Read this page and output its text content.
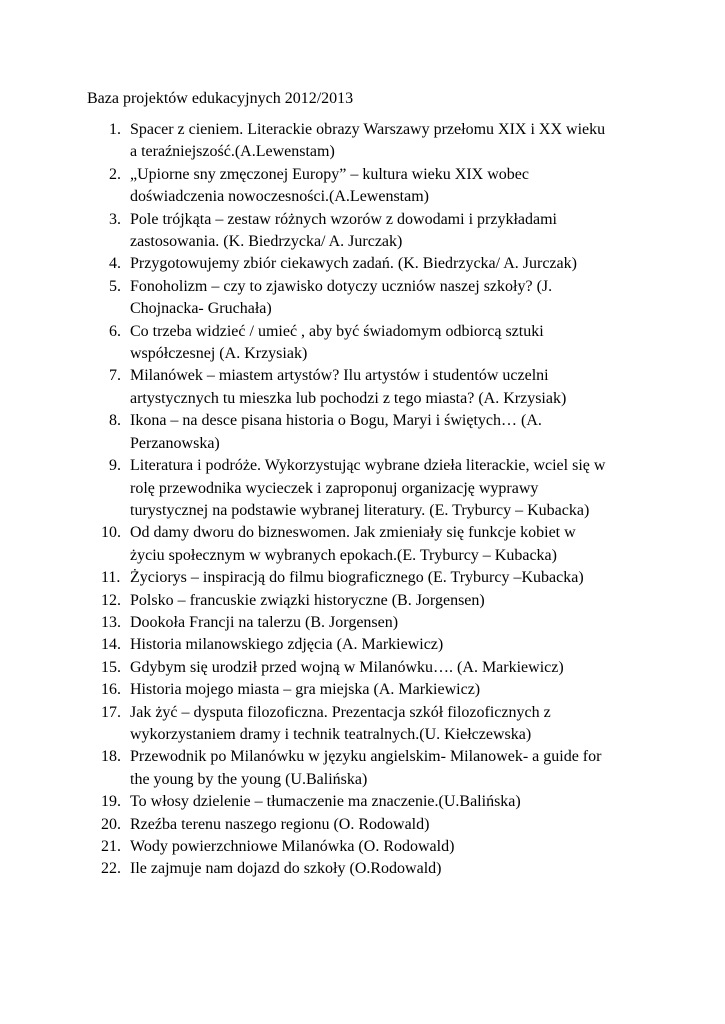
Baza projektów edukacyjnych 2012/2013
1. Spacer z cieniem. Literackie obrazy Warszawy przełomu XIX i XX wieku
a teraźniejszość.(A.Lewenstam)
2. „Upiorne sny zmęczonej Europy” – kultura wieku XIX wobec
doświadczenia nowoczesności.(A.Lewenstam)
3. Pole trójkąta – zestaw różnych wzorów z dowodami i przykładami
zastosowania. (K. Biedrzycka/ A. Jurczak)
4. Przygotowujemy zbiór ciekawych zadań. (K. Biedrzycka/ A. Jurczak)
5. Fonoholizm – czy to zjawisko dotyczy uczniów naszej szkoły? (J.
Chojnacka- Gruchała)
6. Co trzeba widzieć / umieć , aby być świadomym odbiorcą sztuki
współczesnej (A. Krzysiak)
7. Milanówek – miastem artystów? Ilu artystów i studentów uczelni
artystycznych tu mieszka lub pochodzi z tego miasta? (A. Krzysiak)
8. Ikona – na desce pisana historia o Bogu, Maryi i świętych… (A.
Perzanowska)
9. Literatura i podróże. Wykorzystując wybrane dzieła literackie, wciel się w
rolę przewodnika wycieczek i zaproponuj organizację wyprawy
turystycznej na podstawie wybranej literatury. (E. Tryburcy – Kubacka)
10. Od damy dworu do bizneswomen. Jak zmieniały się funkcje kobiet w
życiu społecznym w wybranych epokach.(E. Tryburcy – Kubacka)
11. Życiorys – inspiracją do filmu biograficznego (E. Tryburcy –Kubacka)
12. Polsko – francuskie związki historyczne (B. Jorgensen)
13. Dookoła Francji na talerzu (B. Jorgensen)
14. Historia milanowskiego zdjęcia (A. Markiewicz)
15. Gdybym się urodził przed wojną w Milanówku…. (A. Markiewicz)
16. Historia mojego miasta – gra miejska (A. Markiewicz)
17. Jak żyć – dysputa filozoficzna. Prezentacja szkół filozoficznych z
wykorzystaniem dramy i technik teatralnych.(U. Kiełczewska)
18. Przewodnik po Milanówku w języku angielskim- Milanowek- a guide for
the young by the young (U.Balińska)
19. To włosy dzielenie – tłumaczenie ma znaczenie.(U.Balińska)
20. Rzeźba terenu naszego regionu (O. Rodowald)
21. Wody powierzchniowe Milanówka (O. Rodowald)
22. Ile zajmuje nam dojazd do szkoły (O.Rodowald)
